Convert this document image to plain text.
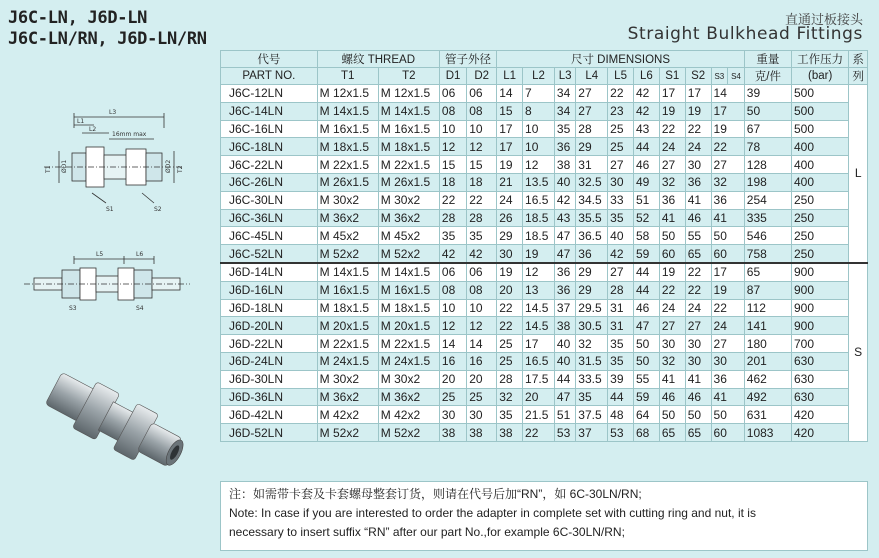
J6C-LN, J6D-LN
J6C-LN/RN, J6D-LN/RN
直通过板接头
Straight Bulkhead Fittings
L3
L1
L2
16mm max
T1 ØD1	ØD2 T2
S1	S2
L5	L6
S3	S4
代号	螺纹 THREAD		管子外径		尺寸 DIMENSIONS										重量	工作压力	系
PART NO.	T1	T2	D1	D2	L1	L2	L3	L4	L5	L6	S1	S2	S3	S4	克/件	(bar)	列
J6C-12LN	M 12x1.5	M 12x1.5	06	06	14	7	34	27	22	42	17	17	14		39	500	L
J6C-14LN	M 14x1.5	M 14x1.5	08	08	15	8	34	27	23	42	19	19	17		50	500	
J6C-16LN	M 16x1.5	M 16x1.5	10	10	17	10	35	28	25	43	22	22	19		67	500	
J6C-18LN	M 18x1.5	M 18x1.5	12	12	17	10	36	29	25	44	24	24	22		78	400	
J6C-22LN	M 22x1.5	M 22x1.5	15	15	19	12	38	31	27	46	27	30	27		128	400	
J6C-26LN	M 26x1.5	M 26x1.5	18	18	21	13.5	40	32.5	30	49	32	36	32		198	400	
J6C-30LN	M 30x2	M 30x2	22	22	24	16.5	42	34.5	33	51	36	41	36		254	250	
J6C-36LN	M 36x2	M 36x2	28	28	26	18.5	43	35.5	35	52	41	46	41		335	250	
J6C-45LN	M 45x2	M 45x2	35	35	29	18.5	47	36.5	40	58	50	55	50		546	250	
J6C-52LN	M 52x2	M 52x2	42	42	30	19	47	36	42	59	60	65	60		758	250	
J6D-14LN	M 14x1.5	M 14x1.5	06	06	19	12	36	29	27	44	19	22	17		65	900	S
J6D-16LN	M 16x1.5	M 16x1.5	08	08	20	13	36	29	28	44	22	22	19		87	900	
J6D-18LN	M 18x1.5	M 18x1.5	10	10	22	14.5	37	29.5	31	46	24	24	22		112	900	
J6D-20LN	M 20x1.5	M 20x1.5	12	12	22	14.5	38	30.5	31	47	27	27	24		141	900	
J6D-22LN	M 22x1.5	M 22x1.5	14	14	25	17	40	32	35	50	30	30	27		180	700	
J6D-24LN	M 24x1.5	M 24x1.5	16	16	25	16.5	40	31.5	35	50	32	30	30		201	630	
J6D-30LN	M 30x2	M 30x2	20	20	28	17.5	44	33.5	39	55	41	41	36		462	630	
J6D-36LN	M 36x2	M 36x2	25	25	32	20	47	35	44	59	46	46	41		492	630	
J6D-42LN	M 42x2	M 42x2	30	30	35	21.5	51	37.5	48	64	50	50	50		631	420	
J6D-52LN	M 52x2	M 52x2	38	38	38	22	53	37	53	68	65	65	60		1083	420	
注：如需带卡套及卡套螺母整套订货，则请在代号后加“RN”，如 6C-30LN/RN;
Note: In case if you are interested to order the adapter in complete set with cutting ring and nut, it is
necessary to insert suffix “RN” after our part No.,for example 6C-30LN/RN;
